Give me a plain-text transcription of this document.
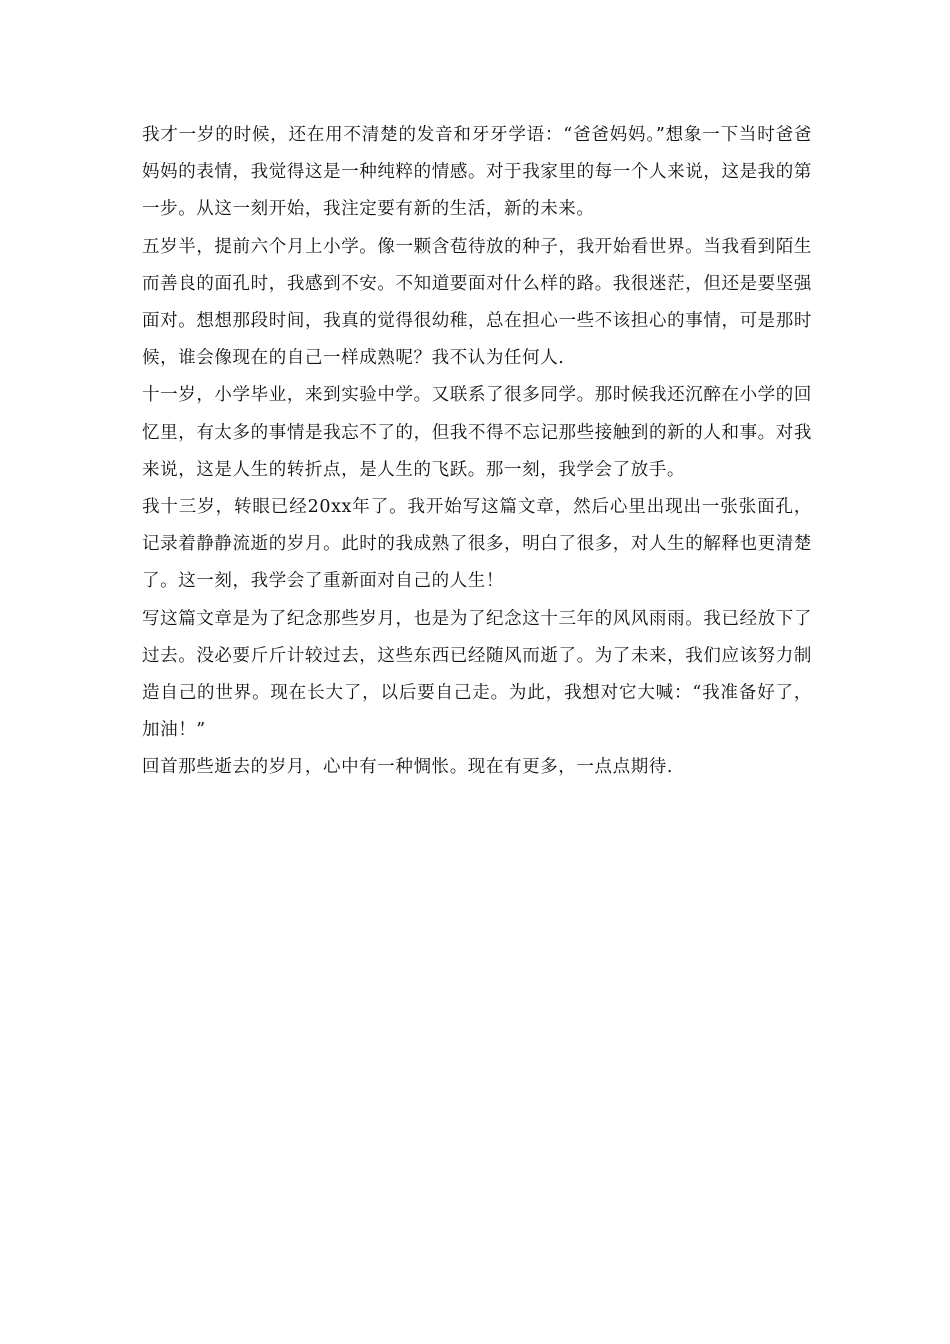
我才一岁的时候，还在用不清楚的发音和牙牙学语：“爸爸妈妈。”想象一下当时爸爸妈妈的表情，我觉得这是一种纯粹的情感。对于我家里的每一个人来说，这是我的第一步。从这一刻开始，我注定要有新的生活，新的未来。

五岁半，提前六个月上小学。像一颗含苞待放的种子，我开始看世界。当我看到陌生而善良的面孔时，我感到不安。不知道要面对什么样的路。我很迷茫，但还是要坚强面对。想想那段时间，我真的觉得很幼稚，总在担心一些不该担心的事情，可是那时候，谁会像现在的自己一样成熟呢？我不认为任何人.

十一岁，小学毕业，来到实验中学。又联系了很多同学。那时候我还沉醉在小学的回忆里，有太多的事情是我忘不了的，但我不得不忘记那些接触到的新的人和事。对我来说，这是人生的转折点，是人生的飞跃。那一刻，我学会了放手。

我十三岁，转眼已经20xx年了。我开始写这篇文章，然后心里出现出一张张面孔，记录着静静流逝的岁月。此时的我成熟了很多，明白了很多，对人生的解释也更清楚了。这一刻，我学会了重新面对自己的人生！

写这篇文章是为了纪念那些岁月，也是为了纪念这十三年的风风雨雨。我已经放下了过去。没必要斤斤计较过去，这些东西已经随风而逝了。为了未来，我们应该努力制造自己的世界。现在长大了，以后要自己走。为此，我想对它大喊：“我准备好了，加油！”

回首那些逝去的岁月，心中有一种惆怅。现在有更多，一点点期待.
